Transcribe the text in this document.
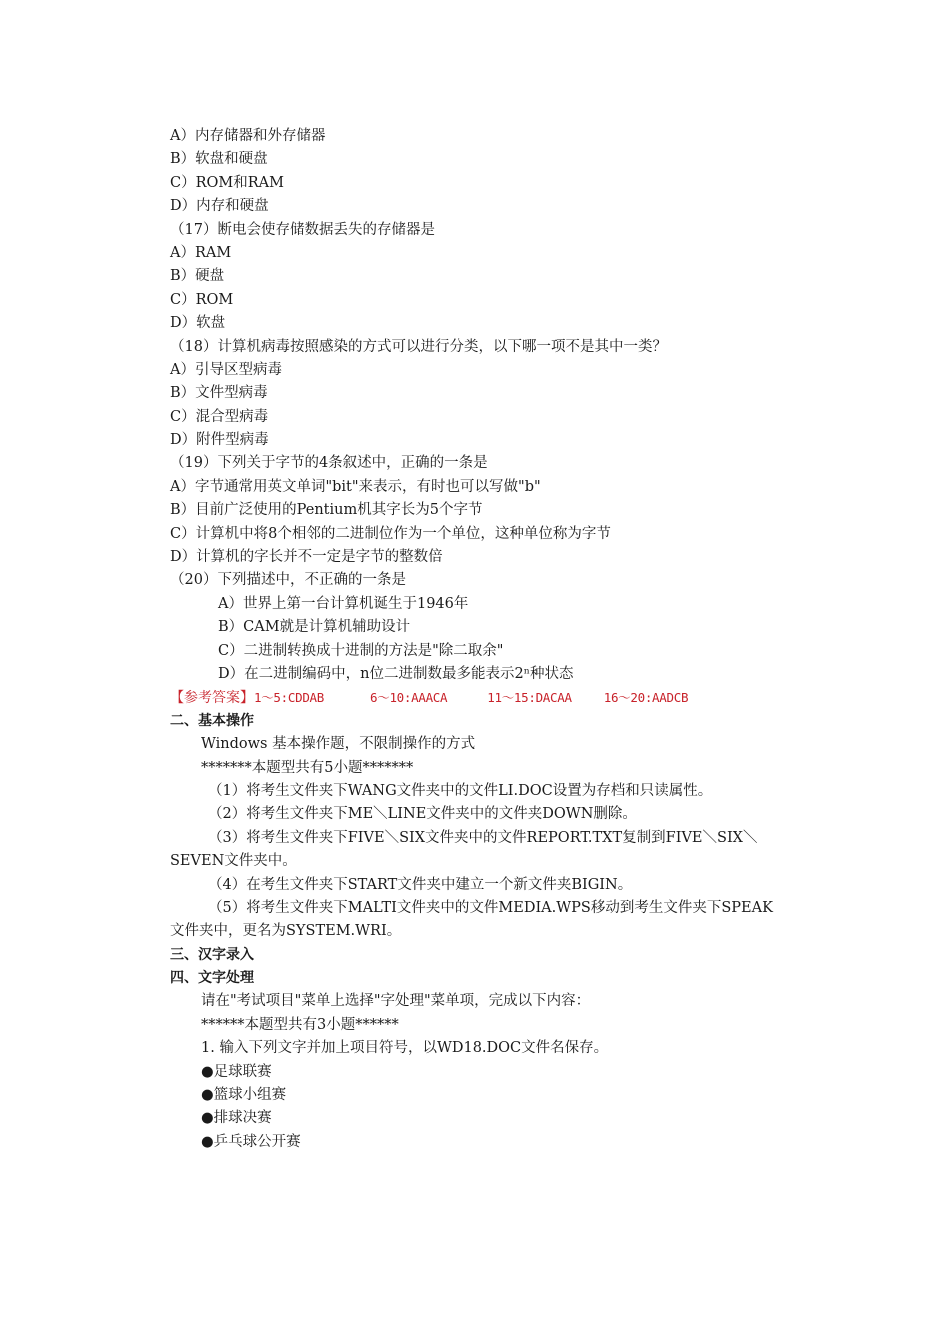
A）内存储器和外存储器
B）软盘和硬盘
C）ROM和RAM
D）内存和硬盘
（17）断电会使存储数据丢失的存储器是
A）RAM
B）硬盘
C）ROM
D）软盘
（18）计算机病毒按照感染的方式可以进行分类，以下哪一项不是其中一类？
A）引导区型病毒
B）文件型病毒
C）混合型病毒
D）附件型病毒
（19）下列关于字节的4条叙述中，正确的一条是
A）字节通常用英文单词"bit"来表示，有时也可以写做"b"
B）目前广泛使用的Pentium机其字长为5个字节
C）计算机中将8个相邻的二进制位作为一个单位，这种单位称为字节
D）计算机的字长并不一定是字节的整数倍
（20）下列描述中，不正确的一条是
A）世界上第一台计算机诞生于1946年
B）CAM就是计算机辅助设计
C）二进制转换成十进制的方法是"除二取余"
D）在二进制编码中，n位二进制数最多能表示2ⁿ种状态
【参考答案】1～5:CDDAB	6～10:AAACA	11～15:DACAA	16～20:AADCB
二、基本操作
Windows 基本操作题，不限制操作的方式
*******本题型共有5小题*******
（1）将考生文件夹下WANG文件夹中的文件LI.DOC设置为存档和只读属性。
（2）将考生文件夹下ME＼LINE文件夹中的文件夹DOWN删除。
（3）将考生文件夹下FIVE＼SIX文件夹中的文件REPORT.TXT复制到FIVE＼SIX＼
SEVEN文件夹中。
（4）在考生文件夹下START文件夹中建立一个新文件夹BIGIN。
（5）将考生文件夹下MALTI文件夹中的文件MEDIA.WPS移动到考生文件夹下SPEAK
文件夹中，更名为SYSTEM.WRI。
三、汉字录入
四、文字处理
请在"考试项目"菜单上选择"字处理"菜单项，完成以下内容：
******本题型共有3小题******
1. 输入下列文字并加上项目符号，以WD18.DOC文件名保存。
●足球联赛
●篮球小组赛
●排球决赛
●乒乓球公开赛
